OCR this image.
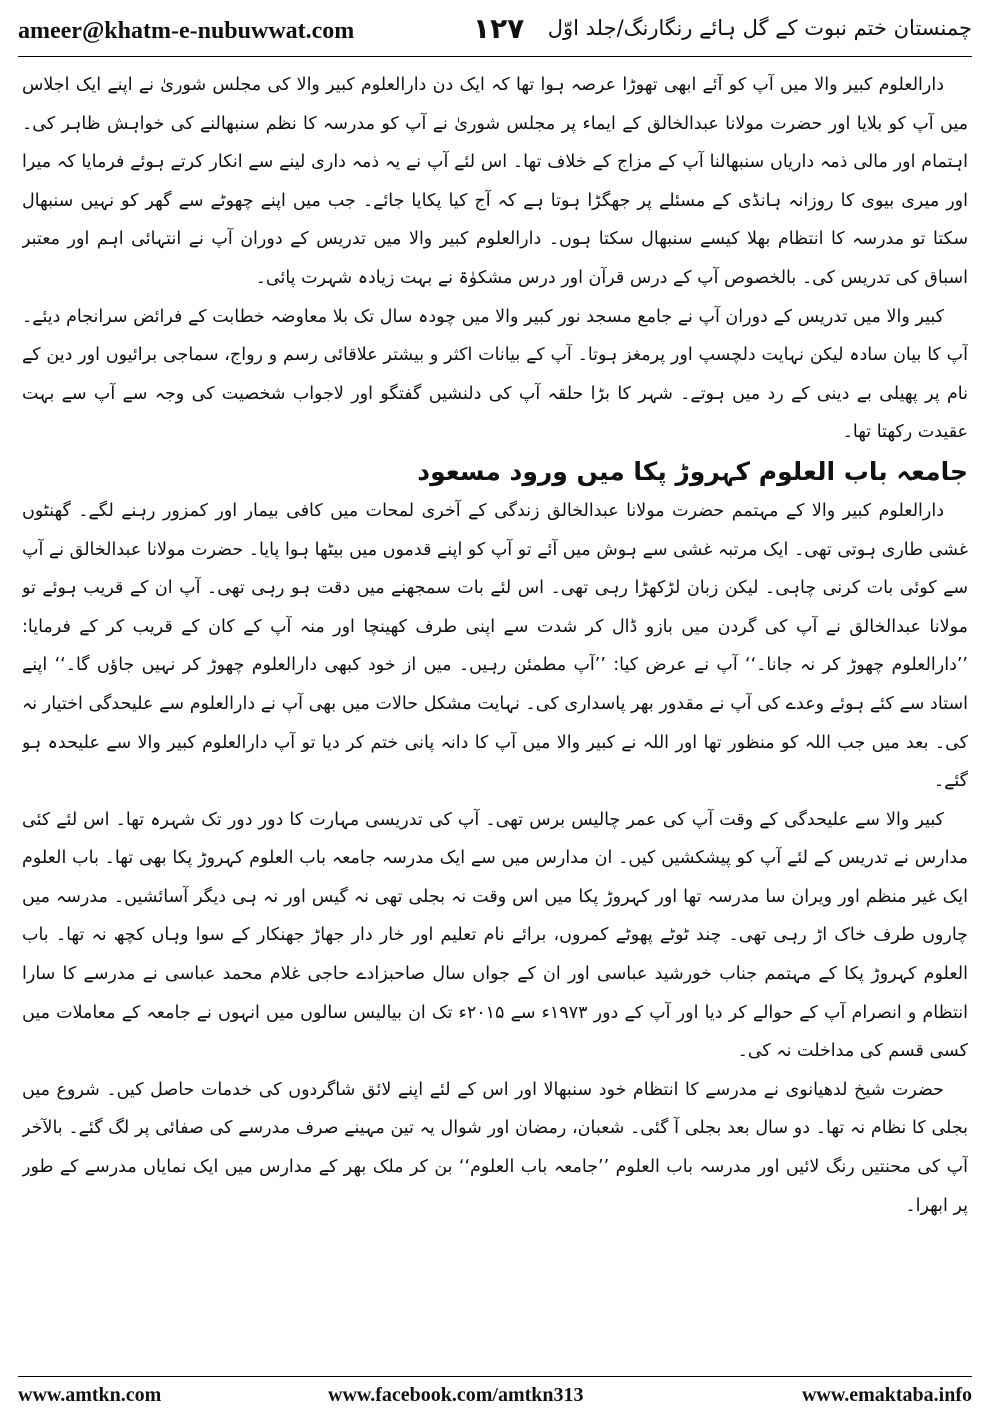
ameer@khatm-e-nubuwwat.com	۱۲۷ چمنستان ختم نبوت کے گل ہائے رنگارنگ/جلد اوّل

دارالعلوم کبیر والا میں آپ کو آئے ابھی تھوڑا عرصہ ہوا تھا کہ ایک دن دارالعلوم کبیر والا کی مجلس شوریٰ نے اپنے ایک اجلاس میں آپ کو بلایا اور حضرت مولانا عبدالخالق کے ایماء پر مجلس شوریٰ نے آپ کو مدرسہ کا نظم سنبھالنے کی خواہش ظاہر کی۔ اہتمام اور مالی ذمہ داریاں سنبھالنا آپ کے مزاج کے خلاف تھا۔ اس لئے آپ نے یہ ذمہ داری لینے سے انکار کرتے ہوئے فرمایا کہ میرا اور میری بیوی کا روزانہ ہانڈی کے مسئلے پر جھگڑا ہوتا ہے کہ آج کیا پکایا جائے۔ جب میں اپنے چھوٹے سے گھر کو نہیں سنبھال سکتا تو مدرسہ کا انتظام بھلا کیسے سنبھال سکتا ہوں۔ دارالعلوم کبیر والا میں تدریس کے دوران آپ نے انتہائی اہم اور معتبر اسباق کی تدریس کی۔ بالخصوص آپ کے درس قرآن اور درس مشکوٰۃ نے بہت زیادہ شہرت پائی۔

کبیر والا میں تدریس کے دوران آپ نے جامع مسجد نور کبیر والا میں چودہ سال تک بلا معاوضہ خطابت کے فرائض سرانجام دیئے۔ آپ کا بیان سادہ لیکن نہایت دلچسپ اور پرمغز ہوتا۔ آپ کے بیانات اکثر و بیشتر علاقائی رسم و رواج، سماجی برائیوں اور دین کے نام پر پھیلی بے دینی کے رد میں ہوتے۔ شہر کا بڑا حلقہ آپ کی دلنشیں گفتگو اور لاجواب شخصیت کی وجہ سے آپ سے بہت عقیدت رکھتا تھا۔

جامعہ باب العلوم کہروڑ پکا میں ورود مسعود

دارالعلوم کبیر والا کے مہتمم حضرت مولانا عبدالخالق زندگی کے آخری لمحات میں کافی بیمار اور کمزور رہنے لگے۔ گھنٹوں غشی طاری ہوتی تھی۔ ایک مرتبہ غشی سے ہوش میں آئے تو آپ کو اپنے قدموں میں بیٹھا ہوا پایا۔ حضرت مولانا عبدالخالق نے آپ سے کوئی بات کرنی چاہی۔ لیکن زبان لڑکھڑا رہی تھی۔ اس لئے بات سمجھنے میں دقت ہو رہی تھی۔ آپ ان کے قریب ہوئے تو مولانا عبدالخالق نے آپ کی گردن میں بازو ڈال کر شدت سے اپنی طرف کھینچا اور منہ آپ کے کان کے قریب کر کے فرمایا: ’’دارالعلوم چھوڑ کر نہ جانا۔‘‘ آپ نے عرض کیا: ’’آپ مطمئن رہیں۔ میں از خود کبھی دارالعلوم چھوڑ کر نہیں جاؤں گا۔‘‘ اپنے استاد سے کئے ہوئے وعدے کی آپ نے مقدور بھر پاسداری کی۔ نہایت مشکل حالات میں بھی آپ نے دارالعلوم سے علیحدگی اختیار نہ کی۔ بعد میں جب اللہ کو منظور تھا اور اللہ نے کبیر والا میں آپ کا دانہ پانی ختم کر دیا تو آپ دارالعلوم کبیر والا سے علیحدہ ہو گئے۔

کبیر والا سے علیحدگی کے وقت آپ کی عمر چالیس برس تھی۔ آپ کی تدریسی مہارت کا دور دور تک شہرہ تھا۔ اس لئے کئی مدارس نے تدریس کے لئے آپ کو پیشکشیں کیں۔ ان مدارس میں سے ایک مدرسہ جامعہ باب العلوم کہروڑ پکا بھی تھا۔ باب العلوم ایک غیر منظم اور ویران سا مدرسہ تھا اور کہروڑ پکا میں اس وقت نہ بجلی تھی نہ گیس اور نہ ہی دیگر آسائشیں۔ مدرسہ میں چاروں طرف خاک اڑ رہی تھی۔ چند ٹوٹے پھوٹے کمروں، برائے نام تعلیم اور خار دار جھاڑ جھنکار کے سوا وہاں کچھ نہ تھا۔ باب العلوم کہروڑ پکا کے مہتمم جناب خورشید عباسی اور ان کے جواں سال صاحبزادے حاجی غلام محمد عباسی نے مدرسے کا سارا انتظام و انصرام آپ کے حوالے کر دیا اور آپ کے دور ۱۹۷۳ء سے ۲۰۱۵ء تک ان بیالیس سالوں میں انہوں نے جامعہ کے معاملات میں کسی قسم کی مداخلت نہ کی۔

حضرت شیخ لدھیانوی نے مدرسے کا انتظام خود سنبھالا اور اس کے لئے اپنے لائق شاگردوں کی خدمات حاصل کیں۔ شروع میں بجلی کا نظام نہ تھا۔ دو سال بعد بجلی آ گئی۔ شعبان، رمضان اور شوال یہ تین مہینے صرف مدرسے کی صفائی پر لگ گئے۔ بالآخر آپ کی محنتیں رنگ لائیں اور مدرسہ باب العلوم ’’جامعہ باب العلوم‘‘ بن کر ملک بھر کے مدارس میں ایک نمایاں مدرسے کے طور پر ابھرا۔

www.amtkn.com	www.facebook.com/amtkn313	www.emaktaba.info
